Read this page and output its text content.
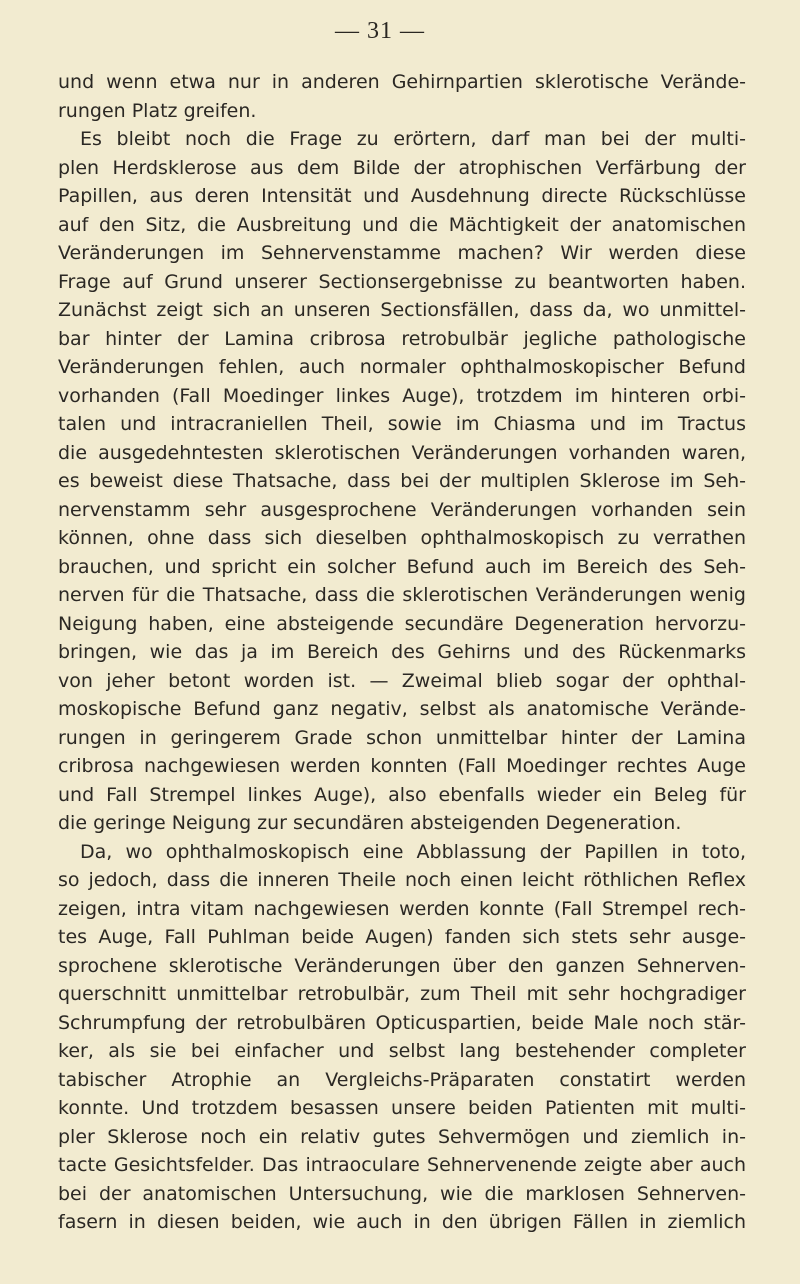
— 31 —
und wenn etwa nur in anderen Gehirnpartien sklerotische Verände-
rungen Platz greifen.
Es bleibt noch die Frage zu erörtern, darf man bei der multi-
plen Herdsklerose aus dem Bilde der atrophischen Verfärbung der
Papillen, aus deren Intensität und Ausdehnung directe Rückschlüsse
auf den Sitz, die Ausbreitung und die Mächtigkeit der anatomischen
Veränderungen im Sehnervenstamme machen? Wir werden diese
Frage auf Grund unserer Sectionsergebnisse zu beantworten haben.
Zunächst zeigt sich an unseren Sectionsfällen, dass da, wo unmittel-
bar hinter der Lamina cribrosa retrobulbär jegliche pathologische
Veränderungen fehlen, auch normaler ophthalmoskopischer Befund
vorhanden (Fall Moedinger linkes Auge), trotzdem im hinteren orbi-
talen und intracraniellen Theil, sowie im Chiasma und im Tractus
die ausgedehntesten sklerotischen Veränderungen vorhanden waren,
es beweist diese Thatsache, dass bei der multiplen Sklerose im Seh-
nervenstamm sehr ausgesprochene Veränderungen vorhanden sein
können, ohne dass sich dieselben ophthalmoskopisch zu verrathen
brauchen, und spricht ein solcher Befund auch im Bereich des Seh-
nerven für die Thatsache, dass die sklerotischen Veränderungen wenig
Neigung haben, eine absteigende secundäre Degeneration hervorzu-
bringen, wie das ja im Bereich des Gehirns und des Rückenmarks
von jeher betont worden ist. — Zweimal blieb sogar der ophthal-
moskopische Befund ganz negativ, selbst als anatomische Verände-
rungen in geringerem Grade schon unmittelbar hinter der Lamina
cribrosa nachgewiesen werden konnten (Fall Moedinger rechtes Auge
und Fall Strempel linkes Auge), also ebenfalls wieder ein Beleg für
die geringe Neigung zur secundären absteigenden Degeneration.
Da, wo ophthalmoskopisch eine Abblassung der Papillen in toto,
so jedoch, dass die inneren Theile noch einen leicht röthlichen Reflex
zeigen, intra vitam nachgewiesen werden konnte (Fall Strempel rech-
tes Auge, Fall Puhlman beide Augen) fanden sich stets sehr ausge-
sprochene sklerotische Veränderungen über den ganzen Sehnerven-
querschnitt unmittelbar retrobulbär, zum Theil mit sehr hochgradiger
Schrumpfung der retrobulbären Opticuspartien, beide Male noch stär-
ker, als sie bei einfacher und selbst lang bestehender completer
tabischer Atrophie an Vergleichs-Präparaten constatirt werden
konnte. Und trotzdem besassen unsere beiden Patienten mit multi-
pler Sklerose noch ein relativ gutes Sehvermögen und ziemlich in-
tacte Gesichtsfelder. Das intraoculare Sehnervenende zeigte aber auch
bei der anatomischen Untersuchung, wie die marklosen Sehnerven-
fasern in diesen beiden, wie auch in den übrigen Fällen in ziemlich
